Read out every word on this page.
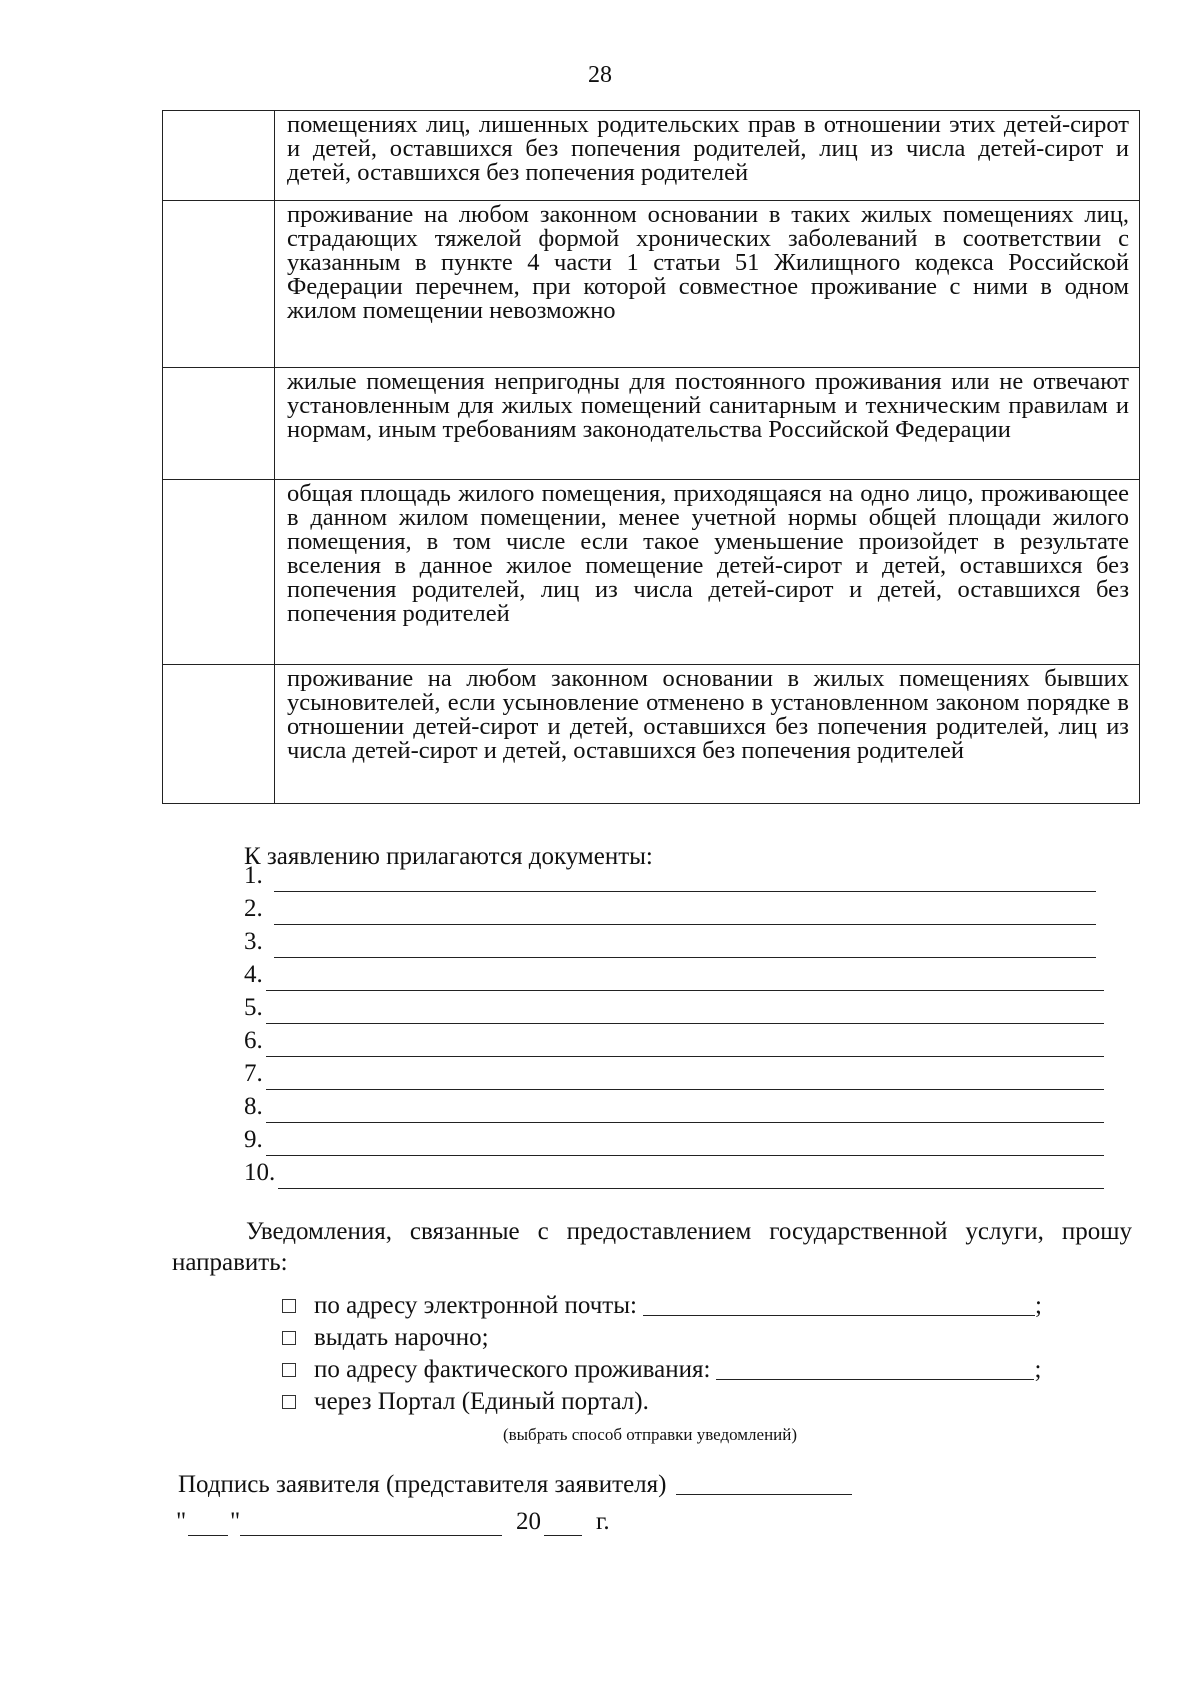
28
	помещениях лиц, лишенных родительских прав в отношении этих детей-сирот и детей, оставшихся без попечения родителей, лиц из числа детей-сирот и детей, оставшихся без попечения родителей
	проживание на любом законном основании в таких жилых помещениях лиц, страдающих тяжелой формой хронических заболеваний в соответствии с указанным в пункте 4 части 1 статьи 51 Жилищного кодекса Российской Федерации перечнем, при которой совместное проживание с ними в одном жилом помещении невозможно
	жилые помещения непригодны для постоянного проживания или не отвечают установленным для жилых помещений санитарным и техническим правилам и нормам, иным требованиям законодательства Российской Федерации
	общая площадь жилого помещения, приходящаяся на одно лицо, проживающее в данном жилом помещении, менее учетной нормы общей площади жилого помещения, в том числе если такое уменьшение произойдет в результате вселения в данное жилое помещение детей-сирот и детей, оставшихся без попечения родителей, лиц из числа детей-сирот и детей, оставшихся без попечения родителей
	проживание на любом законном основании в жилых помещениях бывших усыновителей, если усыновление отменено в установленном законом порядке в отношении детей-сирот и детей, оставшихся без попечения родителей, лиц из числа детей-сирот и детей, оставшихся без попечения родителей
К заявлению прилагаются документы:
1.
2.
3.
4.
5.
6.
7.
8.
9.
10.
Уведомления, связанные с предоставлением государственной услуги, прошу направить:
по адресу электронной почты:	;
выдать нарочно;
по адресу фактического проживания:	;
через Портал (Единый портал).
(выбрать способ отправки уведомлений)
Подпись заявителя (представителя заявителя)
" "	20 г.
